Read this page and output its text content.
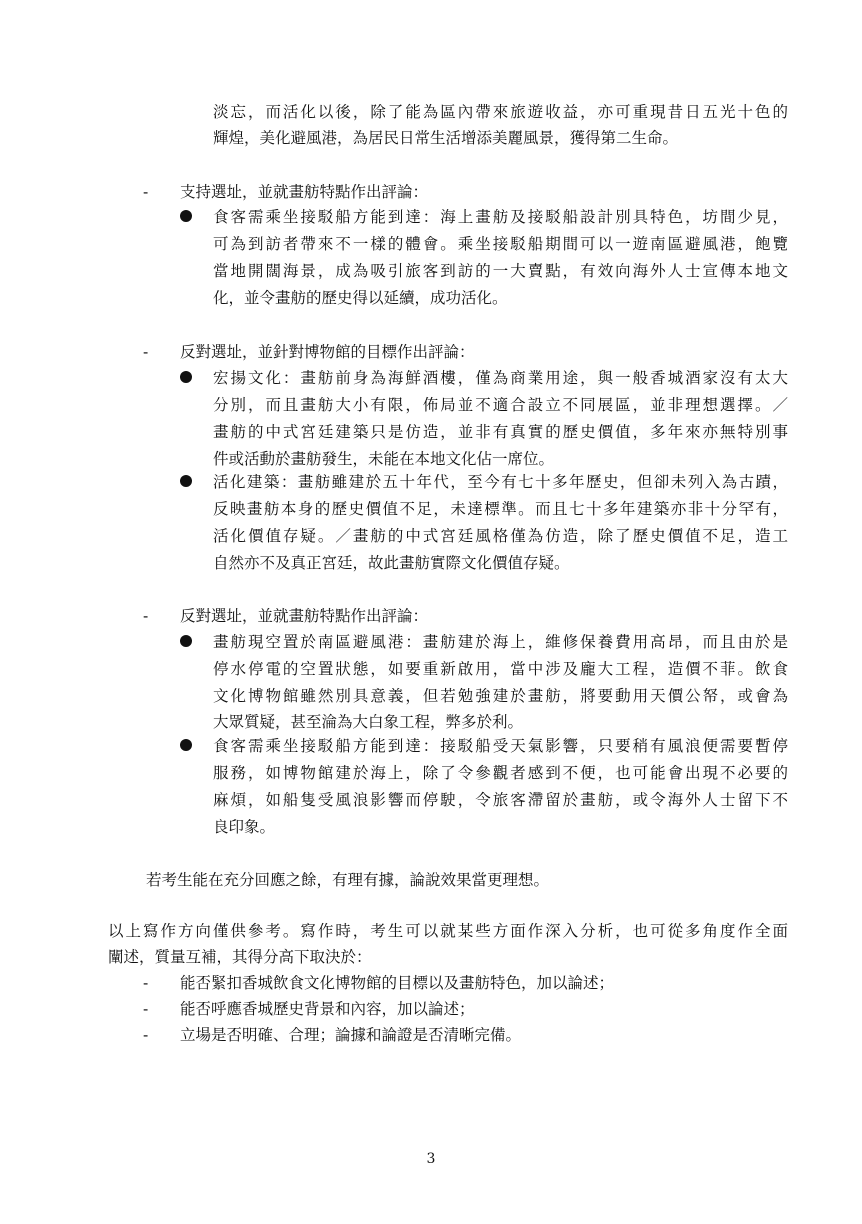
淡忘，而活化以後，除了能為區內帶來旅遊收益，亦可重現昔日五光十色的
輝煌，美化避風港，為居民日常生活增添美麗風景，獲得第二生命。
- 支持選址，並就畫舫特點作出評論：
食客需乘坐接駁船方能到達：海上畫舫及接駁船設計別具特色，坊間少見，
可為到訪者帶來不一樣的體會。乘坐接駁船期間可以一遊南區避風港，飽覽
當地開闊海景，成為吸引旅客到訪的一大賣點，有效向海外人士宣傳本地文
化，並令畫舫的歷史得以延續，成功活化。
- 反對選址，並針對博物館的目標作出評論：
宏揚文化：畫舫前身為海鮮酒樓，僅為商業用途，與一般香城酒家沒有太大
分別，而且畫舫大小有限，佈局並不適合設立不同展區，並非理想選擇。／
畫舫的中式宮廷建築只是仿造，並非有真實的歷史價值，多年來亦無特別事
件或活動於畫舫發生，未能在本地文化佔一席位。
活化建築：畫舫雖建於五十年代，至今有七十多年歷史，但卻未列入為古蹟，
反映畫舫本身的歷史價值不足，未達標準。而且七十多年建築亦非十分罕有，
活化價值存疑。／畫舫的中式宮廷風格僅為仿造，除了歷史價值不足，造工
自然亦不及真正宮廷，故此畫舫實際文化價值存疑。
- 反對選址，並就畫舫特點作出評論：
畫舫現空置於南區避風港：畫舫建於海上，維修保養費用高昂，而且由於是
停水停電的空置狀態，如要重新啟用，當中涉及龐大工程，造價不菲。飲食
文化博物館雖然別具意義，但若勉強建於畫舫，將要動用天價公帑，或會為
大眾質疑，甚至淪為大白象工程，弊多於利。
食客需乘坐接駁船方能到達：接駁船受天氣影響，只要稍有風浪便需要暫停
服務，如博物館建於海上，除了令參觀者感到不便，也可能會出現不必要的
麻煩，如船隻受風浪影響而停駛，令旅客滯留於畫舫，或令海外人士留下不
良印象。
若考生能在充分回應之餘，有理有據，論說效果當更理想。
以上寫作方向僅供參考。寫作時，考生可以就某些方面作深入分析，也可從多角度作全面
闡述，質量互補，其得分高下取決於：
- 能否緊扣香城飲食文化博物館的目標以及畫舫特色，加以論述；
- 能否呼應香城歷史背景和內容，加以論述；
- 立場是否明確、合理；論據和論證是否清晰完備。
3
